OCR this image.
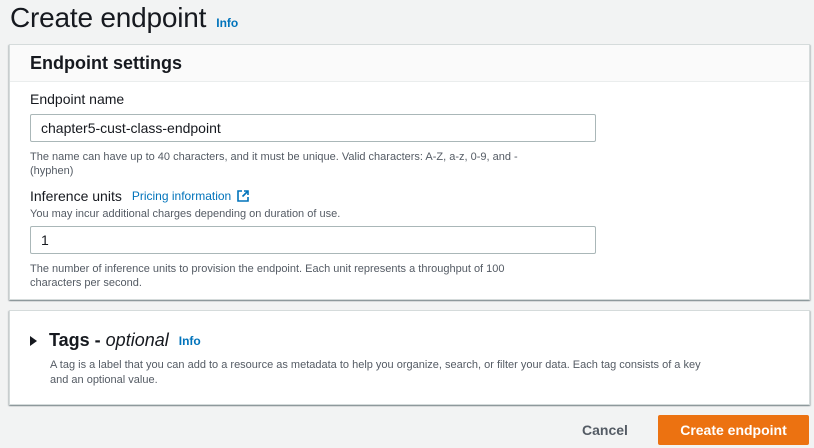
Create endpoint Info
Endpoint settings
Endpoint name
chapter5-cust-class-endpoint
The name can have up to 40 characters, and it must be unique. Valid characters: A-Z, a-z, 0-9, and -
(hyphen)
Inference units Pricing information
You may incur additional charges depending on duration of use.
1
The number of inference units to provision the endpoint. Each unit represents a throughput of 100
characters per second.
Tags - optional Info
A tag is a label that you can add to a resource as metadata to help you organize, search, or filter your data. Each tag consists of a key
and an optional value.
Cancel	Create endpoint
